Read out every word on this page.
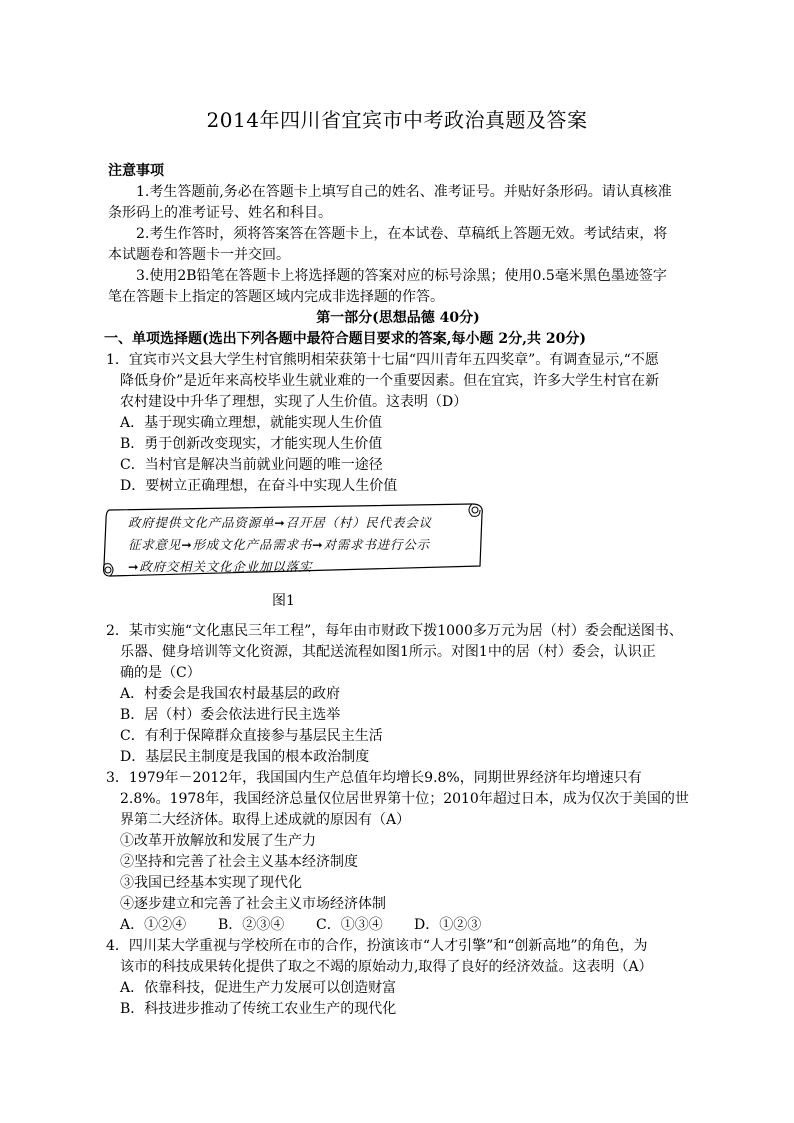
2014年四川省宜宾市中考政治真题及答案
注意事项
1.考生答题前,务必在答题卡上填写自己的姓名、准考证号。并贴好条形码。请认真核准
条形码上的准考证号、姓名和科目。
2.考生作答时，须将答案答在答题卡上，在本试卷、草稿纸上答题无效。考试结束，将
本试题卷和答题卡一并交回。
3.使用2B铅笔在答题卡上将选择题的答案对应的标号涂黑；使用0.5毫米黑色墨迹签字
笔在答题卡上指定的答题区域内完成非选择题的作答。
第一部分(思想品德 40分)
一、单项选择题(选出下列各题中最符合题目要求的答案,每小题 2分,共 20分)
1．宜宾市兴文县大学生村官熊明相荣获第十七届“四川青年五四奖章”。有调查显示,“不愿
降低身价”是近年来高校毕业生就业难的一个重要因素。但在宜宾，许多大学生村官在新
农村建设中升华了理想，实现了人生价值。这表明（D）
A．基于现实确立理想，就能实现人生价值
B．勇于创新改变现实，才能实现人生价值
C．当村官是解决当前就业问题的唯一途径
D．要树立正确理想，在奋斗中实现人生价值
政府提供文化产品资源单➞召开居（村）民代表会议
征求意见➞形成文化产品需求书➞对需求书进行公示
➞政府交相关文化企业加以落实
图1
2．某市实施“文化惠民三年工程”，每年由市财政下拨1000多万元为居（村）委会配送图书、
乐器、健身培训等文化资源，其配送流程如图1所示。对图1中的居（村）委会，认识正
确的是（C）
A．村委会是我国农村最基层的政府
B．居（村）委会依法进行民主选举
C．有利于保障群众直接参与基层民主生活
D．基层民主制度是我国的根本政治制度
3．1979年－2012年，我国国内生产总值年均增长9.8%，同期世界经济年均增速只有
2.8%。1978年，我国经济总量仅位居世界第十位；2010年超过日本，成为仅次于美国的世
界第二大经济体。取得上述成就的原因有（A）
①改革开放解放和发展了生产力
②坚持和完善了社会主义基本经济制度
③我国已经基本实现了现代化
④逐步建立和完善了社会主义市场经济体制
A．①②④ B．②③④ C．①③④ D．①②③
4．四川某大学重视与学校所在市的合作，扮演该市“人才引擎”和“创新高地”的角色，为
该市的科技成果转化提供了取之不竭的原始动力,取得了良好的经济效益。这表明（A）
A．依靠科技，促进生产力发展可以创造财富
B．科技进步推动了传统工农业生产的现代化
